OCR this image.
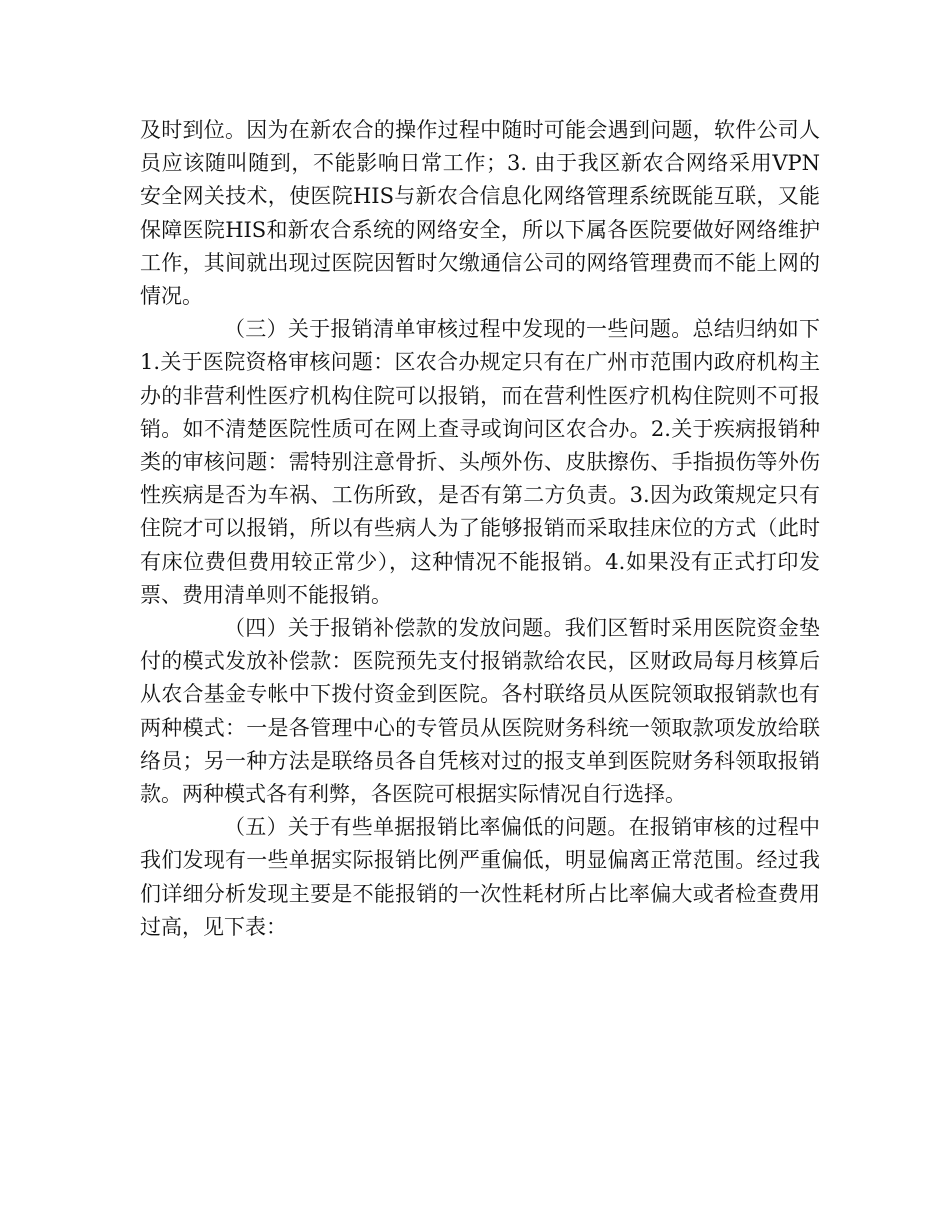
及时到位。因为在新农合的操作过程中随时可能会遇到问题，软件公司人员应该随叫随到，不能影响日常工作；3. 由于我区新农合网络采用VPN安全网关技术，使医院HIS与新农合信息化网络管理系统既能互联，又能保障医院HIS和新农合系统的网络安全，所以下属各医院要做好网络维护工作，其间就出现过医院因暂时欠缴通信公司的网络管理费而不能上网的情况。

（三）关于报销清单审核过程中发现的一些问题。总结归纳如下1.关于医院资格审核问题：区农合办规定只有在广州市范围内政府机构主办的非营利性医疗机构住院可以报销，而在营利性医疗机构住院则不可报销。如不清楚医院性质可在网上查寻或询问区农合办。2.关于疾病报销种类的审核问题：需特别注意骨折、头颅外伤、皮肤擦伤、手指损伤等外伤性疾病是否为车祸、工伤所致，是否有第二方负责。3.因为政策规定只有住院才可以报销，所以有些病人为了能够报销而采取挂床位的方式（此时有床位费但费用较正常少），这种情况不能报销。4.如果没有正式打印发票、费用清单则不能报销。

（四）关于报销补偿款的发放问题。我们区暂时采用医院资金垫付的模式发放补偿款：医院预先支付报销款给农民，区财政局每月核算后从农合基金专帐中下拨付资金到医院。各村联络员从医院领取报销款也有两种模式：一是各管理中心的专管员从医院财务科统一领取款项发放给联络员；另一种方法是联络员各自凭核对过的报支单到医院财务科领取报销款。两种模式各有利弊，各医院可根据实际情况自行选择。

（五）关于有些单据报销比率偏低的问题。在报销审核的过程中我们发现有一些单据实际报销比例严重偏低，明显偏离正常范围。经过我们详细分析发现主要是不能报销的一次性耗材所占比率偏大或者检查费用过高，见下表：
